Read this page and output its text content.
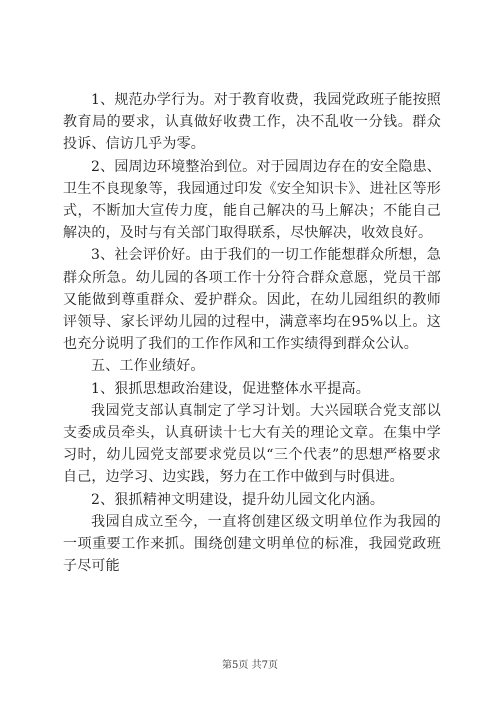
1、规范办学行为。对于教育收费，我园党政班子能按照教育局的要求，认真做好收费工作，决不乱收一分钱。群众投诉、信访几乎为零。

2、园周边环境整治到位。对于园周边存在的安全隐患、卫生不良现象等，我园通过印发《安全知识卡》、进社区等形式，不断加大宣传力度，能自己解决的马上解决；不能自己解决的，及时与有关部门取得联系，尽快解决，收效良好。

3、社会评价好。由于我们的一切工作能想群众所想，急群众所急。幼儿园的各项工作十分符合群众意愿，党员干部又能做到尊重群众、爱护群众。因此，在幼儿园组织的教师评领导、家长评幼儿园的过程中，满意率均在95%以上。这也充分说明了我们的工作作风和工作实绩得到群众公认。

五、工作业绩好。

1、狠抓思想政治建设，促进整体水平提高。

我园党支部认真制定了学习计划。大兴园联合党支部以支委成员牵头，认真研读十七大有关的理论文章。在集中学习时，幼儿园党支部要求党员以“三个代表”的思想严格要求自己，边学习、边实践，努力在工作中做到与时俱进。

2、狠抓精神文明建设，提升幼儿园文化内涵。

我园自成立至今，一直将创建区级文明单位作为我园的一项重要工作来抓。围绕创建文明单位的标准，我园党政班子尽可能

第5页 共7页
